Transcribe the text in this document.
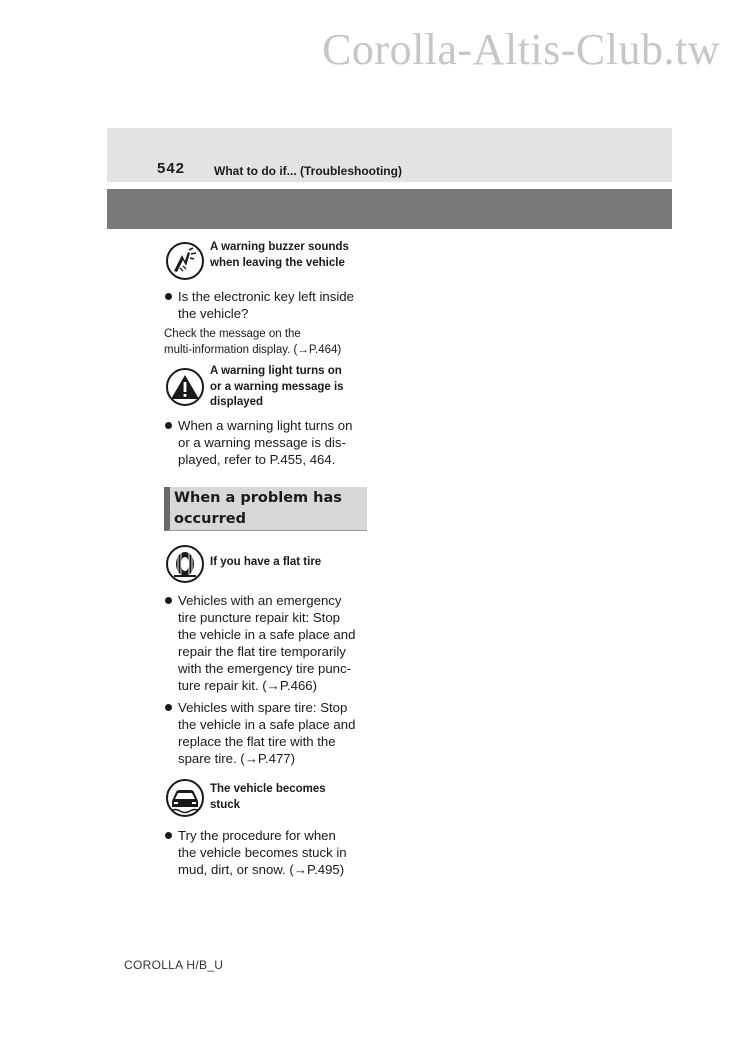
Corolla-Altis-Club.tw
542 What to do if... (Troubleshooting)
A warning buzzer sounds
when leaving the vehicle
Is the electronic key left inside
the vehicle?
Check the message on the
multi-information display. (→P.464)
A warning light turns on
or a warning message is
displayed
When a warning light turns on
or a warning message is dis-
played, refer to P.455, 464.
When a problem has
occurred
If you have a flat tire
Vehicles with an emergency
tire puncture repair kit: Stop
the vehicle in a safe place and
repair the flat tire temporarily
with the emergency tire punc-
ture repair kit. (→P.466)
Vehicles with spare tire: Stop
the vehicle in a safe place and
replace the flat tire with the
spare tire. (→P.477)
The vehicle becomes
stuck
Try the procedure for when
the vehicle becomes stuck in
mud, dirt, or snow. (→P.495)
COROLLA H/B_U
